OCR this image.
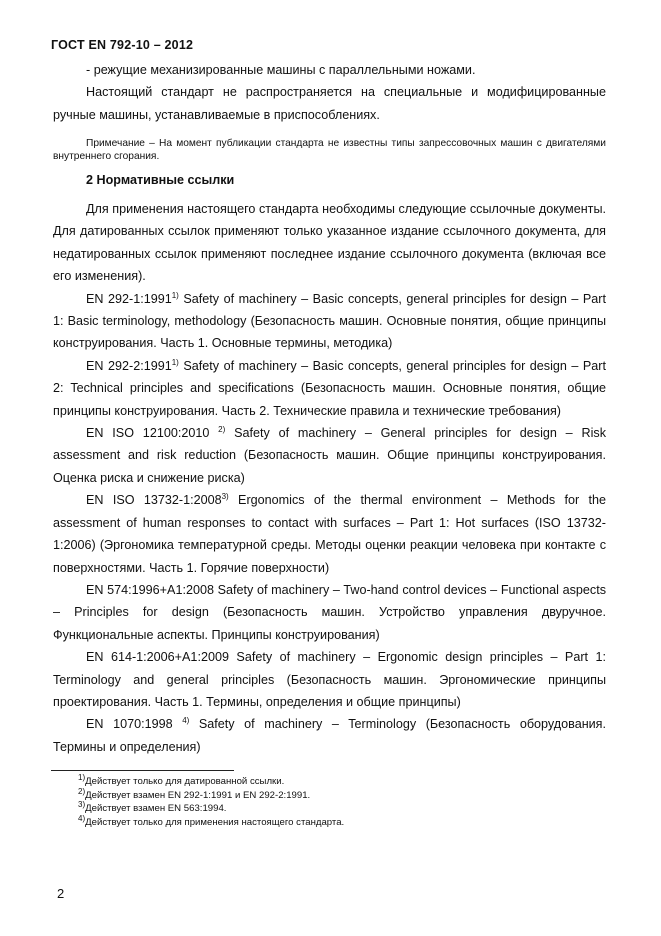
ГОСТ EN 792-10 – 2012

- режущие механизированные машины с параллельными ножами.

Настоящий стандарт не распространяется на специальные и модифицированные ручные машины, устанавливаемые в приспособлениях.

Примечание – На момент публикации стандарта не известны типы запрессовочных машин с двигателями внутреннего сгорания.

2 Нормативные ссылки

Для применения настоящего стандарта необходимы следующие ссылочные документы. Для датированных ссылок применяют только указанное издание ссылочного документа, для недатированных ссылок применяют последнее издание ссылочного документа (включая все его изменения).

EN 292-1:1991$^{1)}$ Safety of machinery – Basic concepts, general principles for design – Part 1: Basic terminology, methodology (Безопасность машин. Основные понятия, общие принципы конструирования. Часть 1. Основные термины, методика)

EN 292-2:1991$^{1)}$ Safety of machinery – Basic concepts, general principles for design – Part 2: Technical principles and specifications (Безопасность машин. Основные понятия, общие принципы конструирования. Часть 2. Технические правила и технические требования)

EN ISO 12100:2010 $^{2)}$ Safety of machinery – General principles for design – Risk assessment and risk reduction (Безопасность машин. Общие принципы конструирования. Оценка риска и снижение риска)

EN ISO 13732-1:2008$^{3)}$ Ergonomics of the thermal environment – Methods for the assessment of human responses to contact with surfaces – Part 1: Hot surfaces (ISO 13732-1:2006) (Эргономика температурной среды. Методы оценки реакции человека при контакте с поверхностями. Часть 1. Горячие поверхности)

EN 574:1996+A1:2008 Safety of machinery – Two-hand control devices – Functional aspects – Principles for design (Безопасность машин. Устройство управления двуручное. Функциональные аспекты. Принципы конструирования)

EN 614-1:2006+A1:2009 Safety of machinery – Ergonomic design principles – Part 1: Terminology and general principles (Безопасность машин. Эргономические принципы проектирования. Часть 1. Термины, определения и общие принципы)

EN 1070:1998 $^{4)}$ Safety of machinery – Terminology (Безопасность оборудования. Термины и определения)

$^{1)}$Действует только для датированной ссылки.
$^{2)}$Действует взамен EN 292-1:1991 и EN 292-2:1991.
$^{3)}$Действует взамен EN 563:1994.
$^{4)}$Действует только для применения настоящего стандарта.
2
